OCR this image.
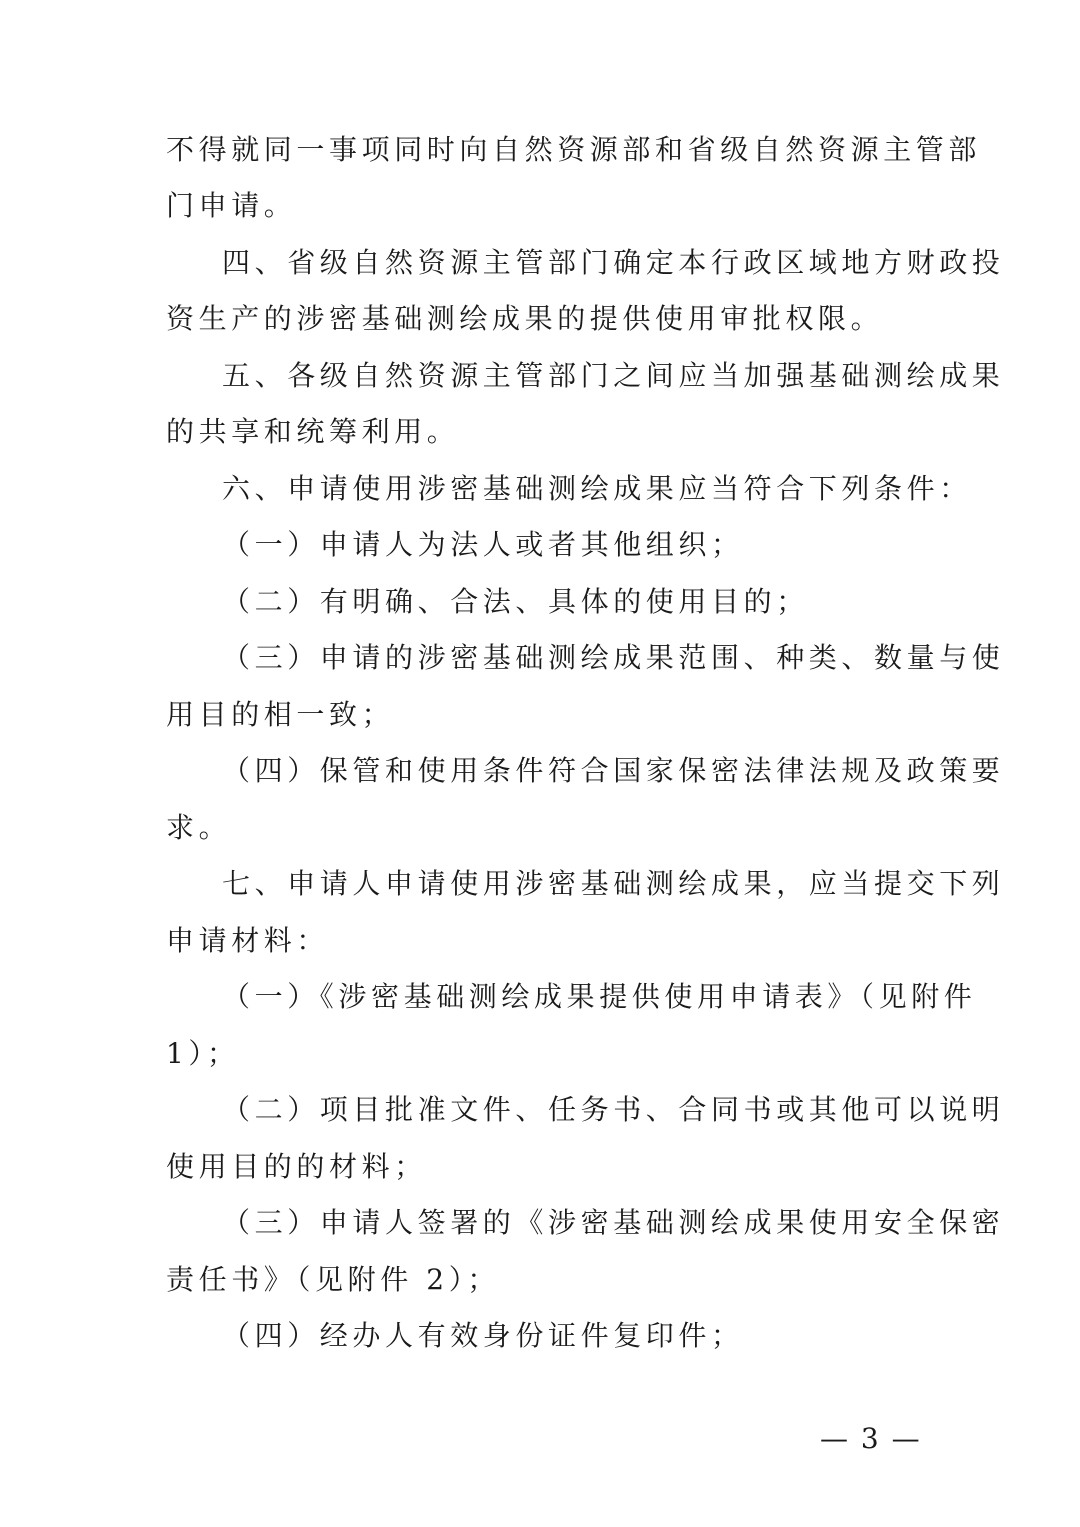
不得就同一事项同时向自然资源部和省级自然资源主管部
门申请。
四、省级自然资源主管部门确定本行政区域地方财政投
资生产的涉密基础测绘成果的提供使用审批权限。
五、各级自然资源主管部门之间应当加强基础测绘成果
的共享和统筹利用。
六、申请使用涉密基础测绘成果应当符合下列条件：
（一）申请人为法人或者其他组织；
（二）有明确、合法、具体的使用目的；
（三）申请的涉密基础测绘成果范围、种类、数量与使
用目的相一致；
（四）保管和使用条件符合国家保密法律法规及政策要
求。
七、申请人申请使用涉密基础测绘成果，应当提交下列
申请材料：
（一）《涉密基础测绘成果提供使用申请表》（见附件
1）；
（二）项目批准文件、任务书、合同书或其他可以说明
使用目的的材料；
（三）申请人签署的《涉密基础测绘成果使用安全保密
责任书》（见附件 2）；
（四）经办人有效身份证件复印件；
— 3 —
